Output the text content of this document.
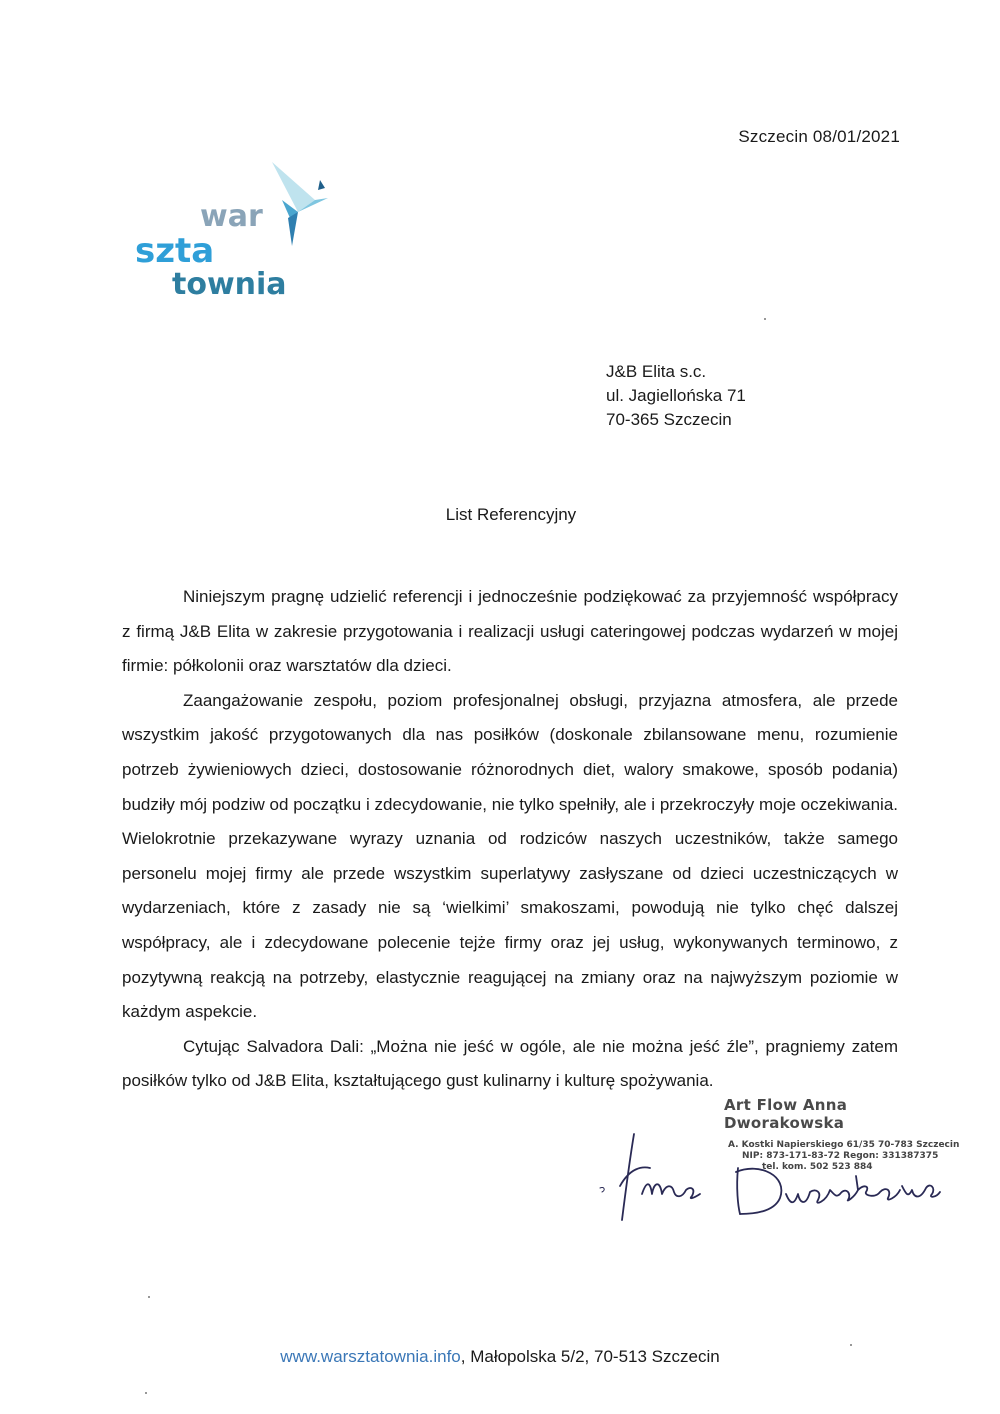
Szczecin 08/01/2021
war
szta
townia
J&B Elita s.c.
ul. Jagiellońska 71
70-365 Szczecin
List Referencyjny

Niniejszym pragnę udzielić referencji i jednocześnie podziękować za przyjemność współpracy z firmą J&B Elita w zakresie przygotowania i realizacji usługi cateringowej podczas wydarzeń w mojej firmie: półkolonii oraz warsztatów dla dzieci.

Zaangażowanie zespołu, poziom profesjonalnej obsługi, przyjazna atmosfera, ale przede wszystkim jakość przygotowanych dla nas posiłków (doskonale zbilansowane menu, rozumienie potrzeb żywieniowych dzieci, dostosowanie różnorodnych diet, walory smakowe, sposób podania) budziły mój podziw od początku i zdecydowanie, nie tylko spełniły, ale i przekroczyły moje oczekiwania. Wielokrotnie przekazywane wyrazy uznania od rodziców naszych uczestników, także samego personelu mojej firmy ale przede wszystkim superlatywy zasłyszane od dzieci uczestniczących w wydarzeniach, które z zasady nie są ‘wielkimi’ smakoszami, powodują nie tylko chęć dalszej współpracy, ale i zdecydowane polecenie tejże firmy oraz jej usług, wykonywanych terminowo, z pozytywną reakcją na potrzeby, elastycznie reagującej na zmiany oraz na najwyższym poziomie w każdym aspekcie.

Cytując Salvadora Dali: „Można nie jeść w ogóle, ale nie można jeść źle”, pragniemy zatem posiłków tylko od J&B Elita, kształtującego gust kulinarny i kulturę spożywania.

Art Flow Anna Dworakowska
A. Kostki Napierskiego 61/35 70-783 Szczecin
NIP: 873-171-83-72 Regon: 331387375
tel. kom. 502 523 884
www.warsztatownia.info, Małopolska 5/2, 70-513 Szczecin
